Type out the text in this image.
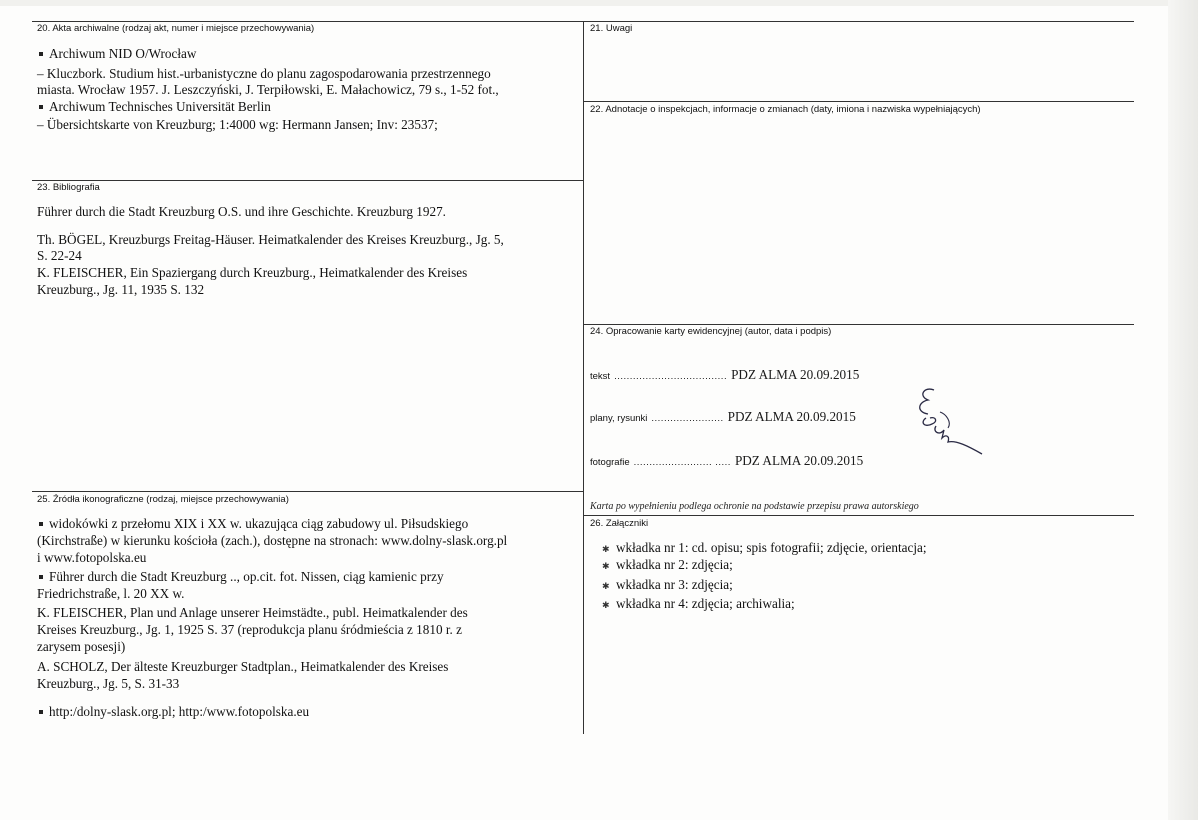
20. Akta archiwalne (rodzaj akt, numer i miejsce przechowywania)
Archiwum NID O/Wrocław
– Kluczbork. Studium hist.-urbanistyczne do planu zagospodarowania przestrzennego
miasta. Wrocław 1957. J. Leszczyński, J. Terpiłowski, E. Małachowicz, 79 s., 1-52 fot.,
Archiwum Technisches Universität Berlin
– Übersichtskarte von Kreuzburg; 1:4000 wg: Hermann Jansen; Inv: 23537;
21. Uwagi
22. Adnotacje o inspekcjach, informacje o zmianach (daty, imiona i nazwiska wypełniających)
23. Bibliografia
Führer durch die Stadt Kreuzburg O.S. und ihre Geschichte. Kreuzburg 1927.
Th. BÖGEL, Kreuzburgs Freitag-Häuser. Heimatkalender des Kreises Kreuzburg., Jg. 5,
S. 22-24
K. FLEISCHER, Ein Spaziergang durch Kreuzburg., Heimatkalender des Kreises
Kreuzburg., Jg. 11, 1935 S. 132
24. Opracowanie karty ewidencyjnej (autor, data i podpis)
tekst .................................... PDZ ALMA 20.09.2015
plany, rysunki ....................... PDZ ALMA 20.09.2015
fotografie ......................... ..... PDZ ALMA 20.09.2015
Karta po wypełnieniu podlega ochronie na podstawie przepisu prawa autorskiego
25. Źródła ikonograficzne (rodzaj, miejsce przechowywania)
widokówki z przełomu XIX i XX w. ukazująca ciąg zabudowy ul. Piłsudskiego
(Kirchstraße) w kierunku kościoła (zach.), dostępne na stronach: www.dolny-slask.org.pl
i www.fotopolska.eu
Führer durch die Stadt Kreuzburg .., op.cit. fot. Nissen, ciąg kamienic przy
Friedrichstraße, l. 20 XX w.
K. FLEISCHER, Plan und Anlage unserer Heimstädte., publ. Heimatkalender des
Kreises Kreuzburg., Jg. 1, 1925 S. 37 (reprodukcja planu śródmieścia z 1810 r. z
zarysem posesji)
A. SCHOLZ, Der älteste Kreuzburger Stadtplan., Heimatkalender des Kreises
Kreuzburg., Jg. 5, S. 31-33
http:/dolny-slask.org.pl; http:/www.fotopolska.eu
26. Załączniki
✱ wkładka nr 1: cd. opisu; spis fotografii; zdjęcie, orientacja;
✱ wkładka nr 2: zdjęcia;
✱ wkładka nr 3: zdjęcia;
✱ wkładka nr 4: zdjęcia; archiwalia;
